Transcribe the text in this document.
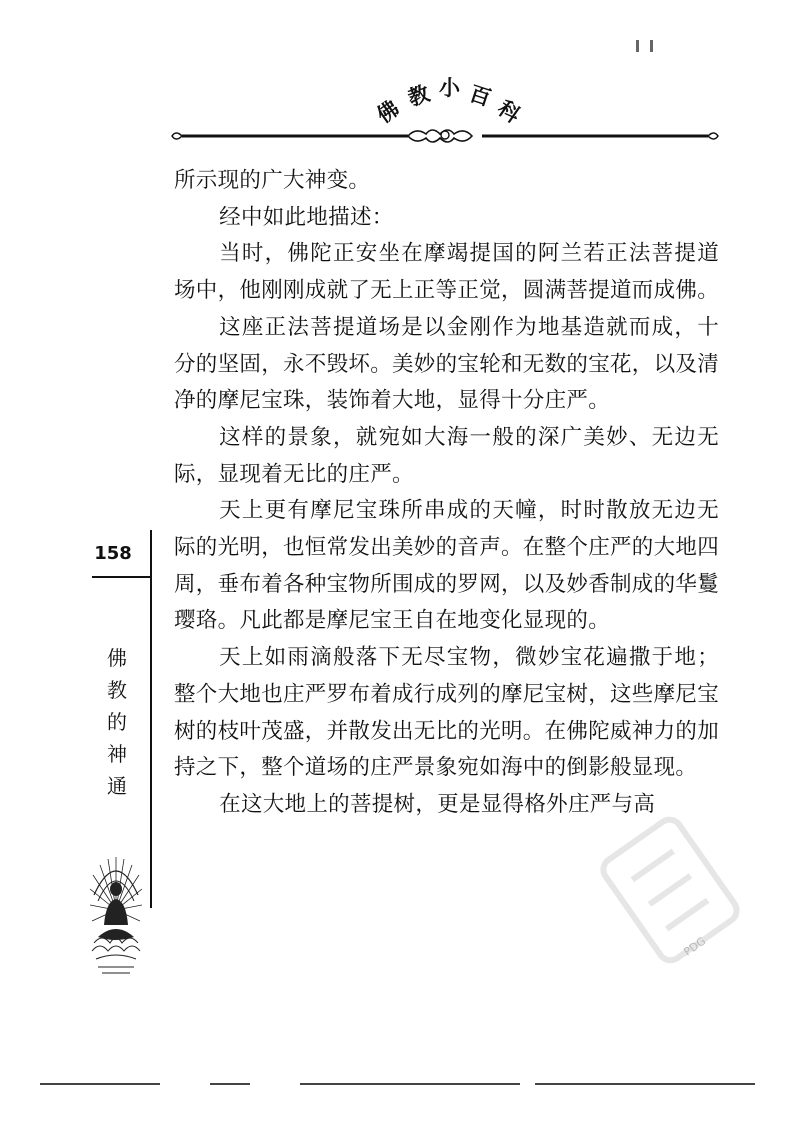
佛
教 小 百
科

所示现的广大神变。

经中如此地描述：

当时，佛陀正安坐在摩竭提国的阿兰若正法菩提道场中，他刚刚成就了无上正等正觉，圆满菩提道而成佛。

这座正法菩提道场是以金刚作为地基造就而成，十分的坚固，永不毁坏。美妙的宝轮和无数的宝花，以及清净的摩尼宝珠，装饰着大地，显得十分庄严。

这样的景象，就宛如大海一般的深广美妙、无边无际，显现着无比的庄严。

天上更有摩尼宝珠所串成的天幢，时时散放无边无际的光明，也恒常发出美妙的音声。在整个庄严的大地四周，垂布着各种宝物所围成的罗网，以及妙香制成的华鬘璎珞。凡此都是摩尼宝王自在地变化显现的。

天上如雨滴般落下无尽宝物，微妙宝花遍撒于地；整个大地也庄严罗布着成行成列的摩尼宝树，这些摩尼宝树的枝叶茂盛，并散发出无比的光明。在佛陀威神力的加持之下，整个道场的庄严景象宛如海中的倒影般显现。

在这大地上的菩提树，更是显得格外庄严与高

158
佛
教
的
神
通
PDG
